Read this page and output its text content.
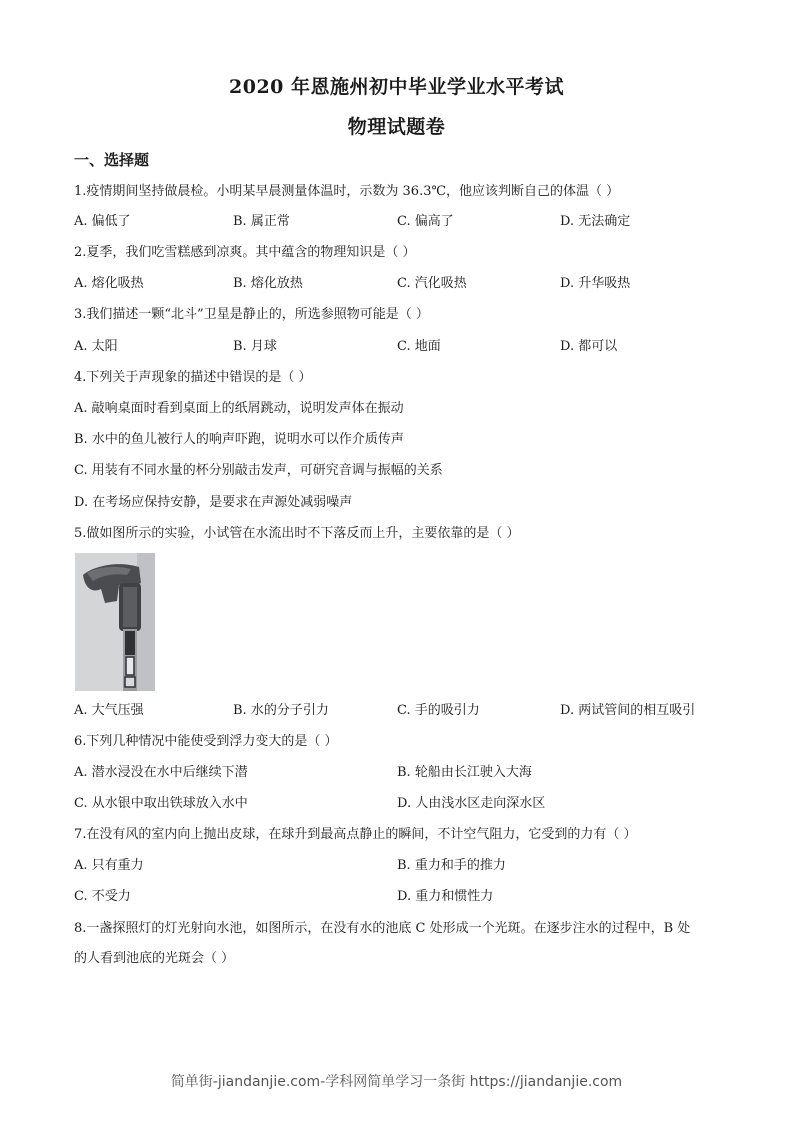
2020 年恩施州初中毕业学业水平考试
物理试题卷
一、选择题
1.疫情期间坚持做晨检。小明某早晨测量体温时，示数为 36.3℃，他应该判断自己的体温（ ）
A. 偏低了	B. 属正常	C. 偏高了	D. 无法确定
2.夏季，我们吃雪糕感到凉爽。其中蕴含的物理知识是（ ）
A. 熔化吸热	B. 熔化放热	C. 汽化吸热	D. 升华吸热
3.我们描述一颗“北斗”卫星是静止的，所选参照物可能是（ ）
A. 太阳	B. 月球	C. 地面	D. 都可以
4.下列关于声现象的描述中错误的是（ ）
A. 敲响桌面时看到桌面上的纸屑跳动，说明发声体在振动
B. 水中的鱼儿被行人的响声吓跑，说明水可以作介质传声
C. 用装有不同水量的杯分别敲击发声，可研究音调与振幅的关系
D. 在考场应保持安静，是要求在声源处减弱噪声
5.做如图所示的实验，小试管在水流出时不下落反而上升，主要依靠的是（ ）
A. 大气压强	B. 水的分子引力	C. 手的吸引力	D. 两试管间的相互吸引
6.下列几种情况中能使受到浮力变大的是（ ）
A. 潜水浸没在水中后继续下潜	B. 轮船由长江驶入大海
C. 从水银中取出铁球放入水中	D. 人由浅水区走向深水区
7.在没有风的室内向上抛出皮球，在球升到最高点静止的瞬间，不计空气阻力，它受到的力有（ ）
A. 只有重力	B. 重力和手的推力
C. 不受力	D. 重力和惯性力
8.一盏探照灯的灯光射向水池，如图所示，在没有水的池底 C 处形成一个光斑。在逐步注水的过程中，B 处
的人看到池底的光斑会（ ）
简单街-jiandanjie.com-学科网简单学习一条街 https://jiandanjie.com
